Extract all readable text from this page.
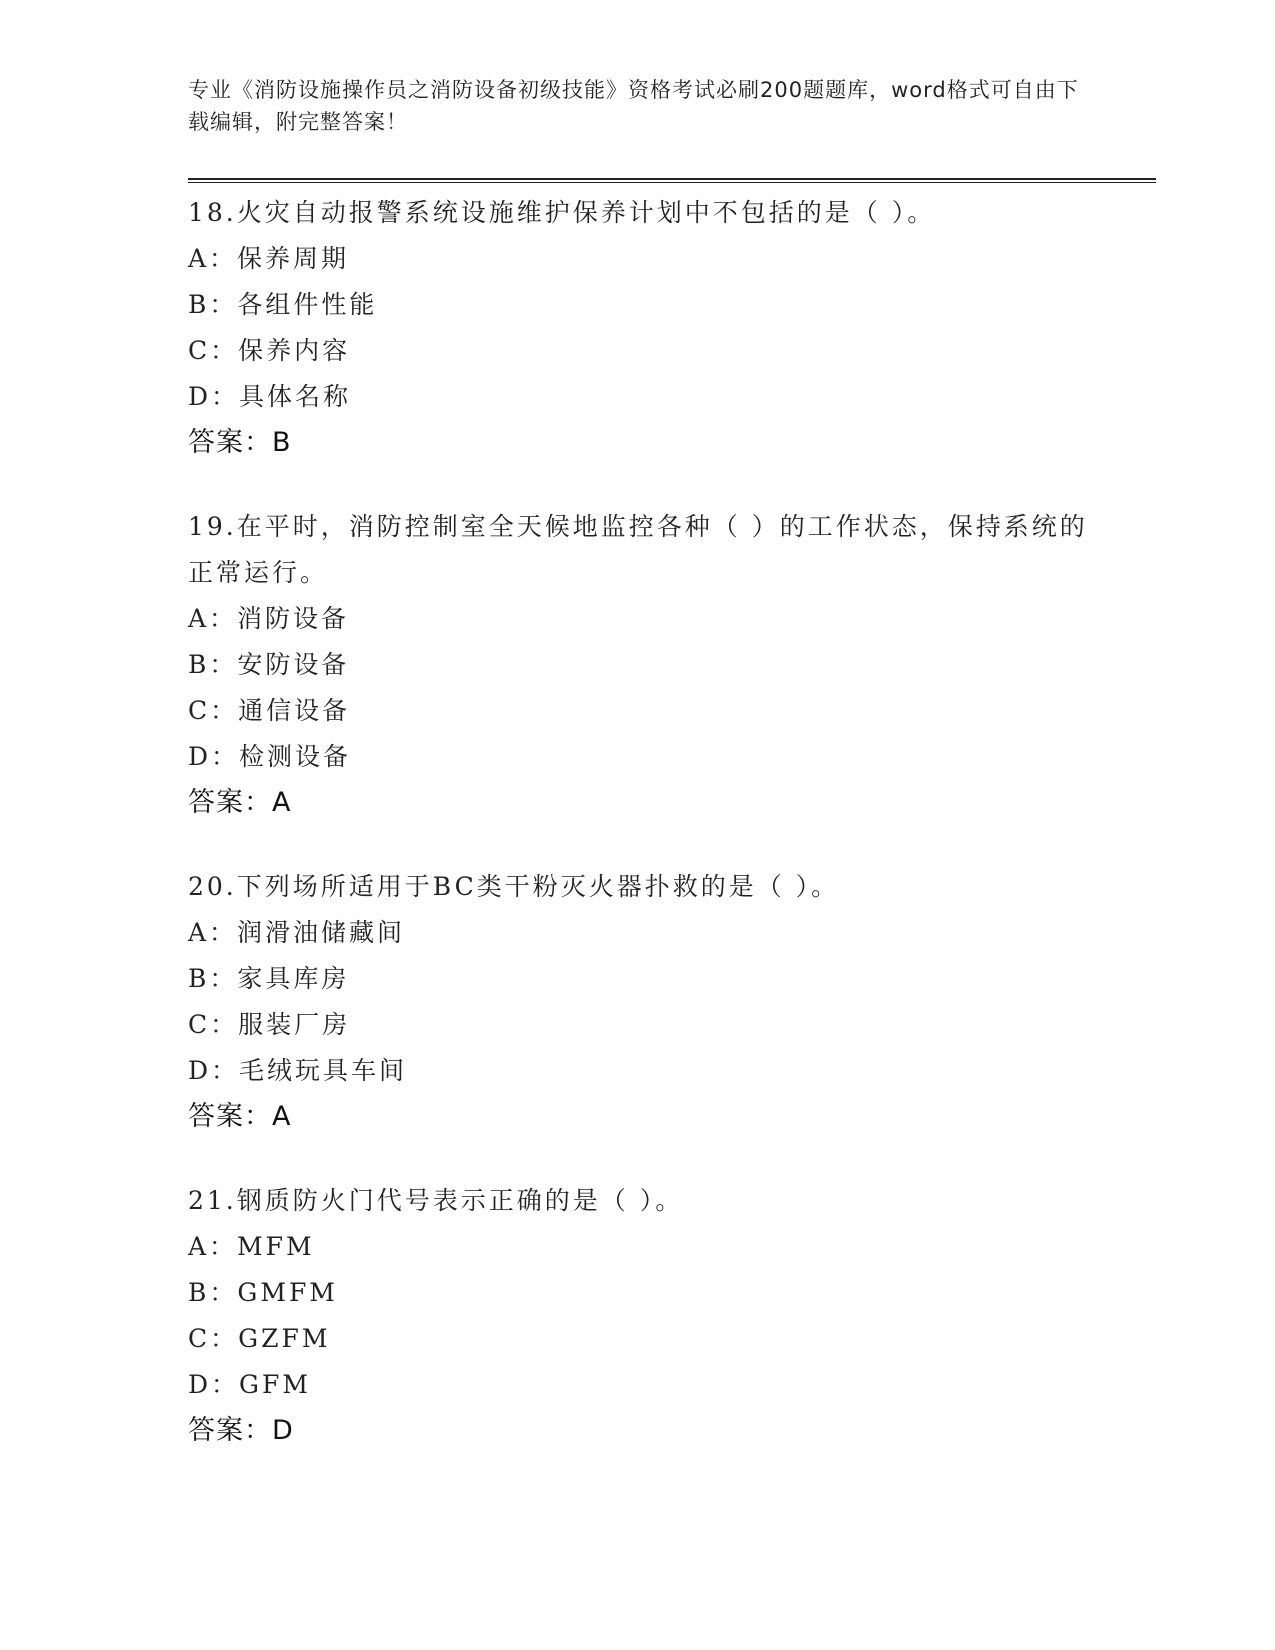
专业《消防设施操作员之消防设备初级技能》资格考试必刷200题题库，word格式可自由下载编辑，附完整答案！
18.火灾自动报警系统设施维护保养计划中不包括的是（ ）。
A：保养周期
B：各组件性能
C：保养内容
D：具体名称
答案：B
19.在平时，消防控制室全天候地监控各种（ ）的工作状态，保持系统的正常运行。
A：消防设备
B：安防设备
C：通信设备
D：检测设备
答案：A
20.下列场所适用于BC类干粉灭火器扑救的是（ ）。
A：润滑油储藏间
B：家具库房
C：服装厂房
D：毛绒玩具车间
答案：A
21.钢质防火门代号表示正确的是（ ）。
A：MFM
B：GMFM
C：GZFM
D：GFM
答案：D
